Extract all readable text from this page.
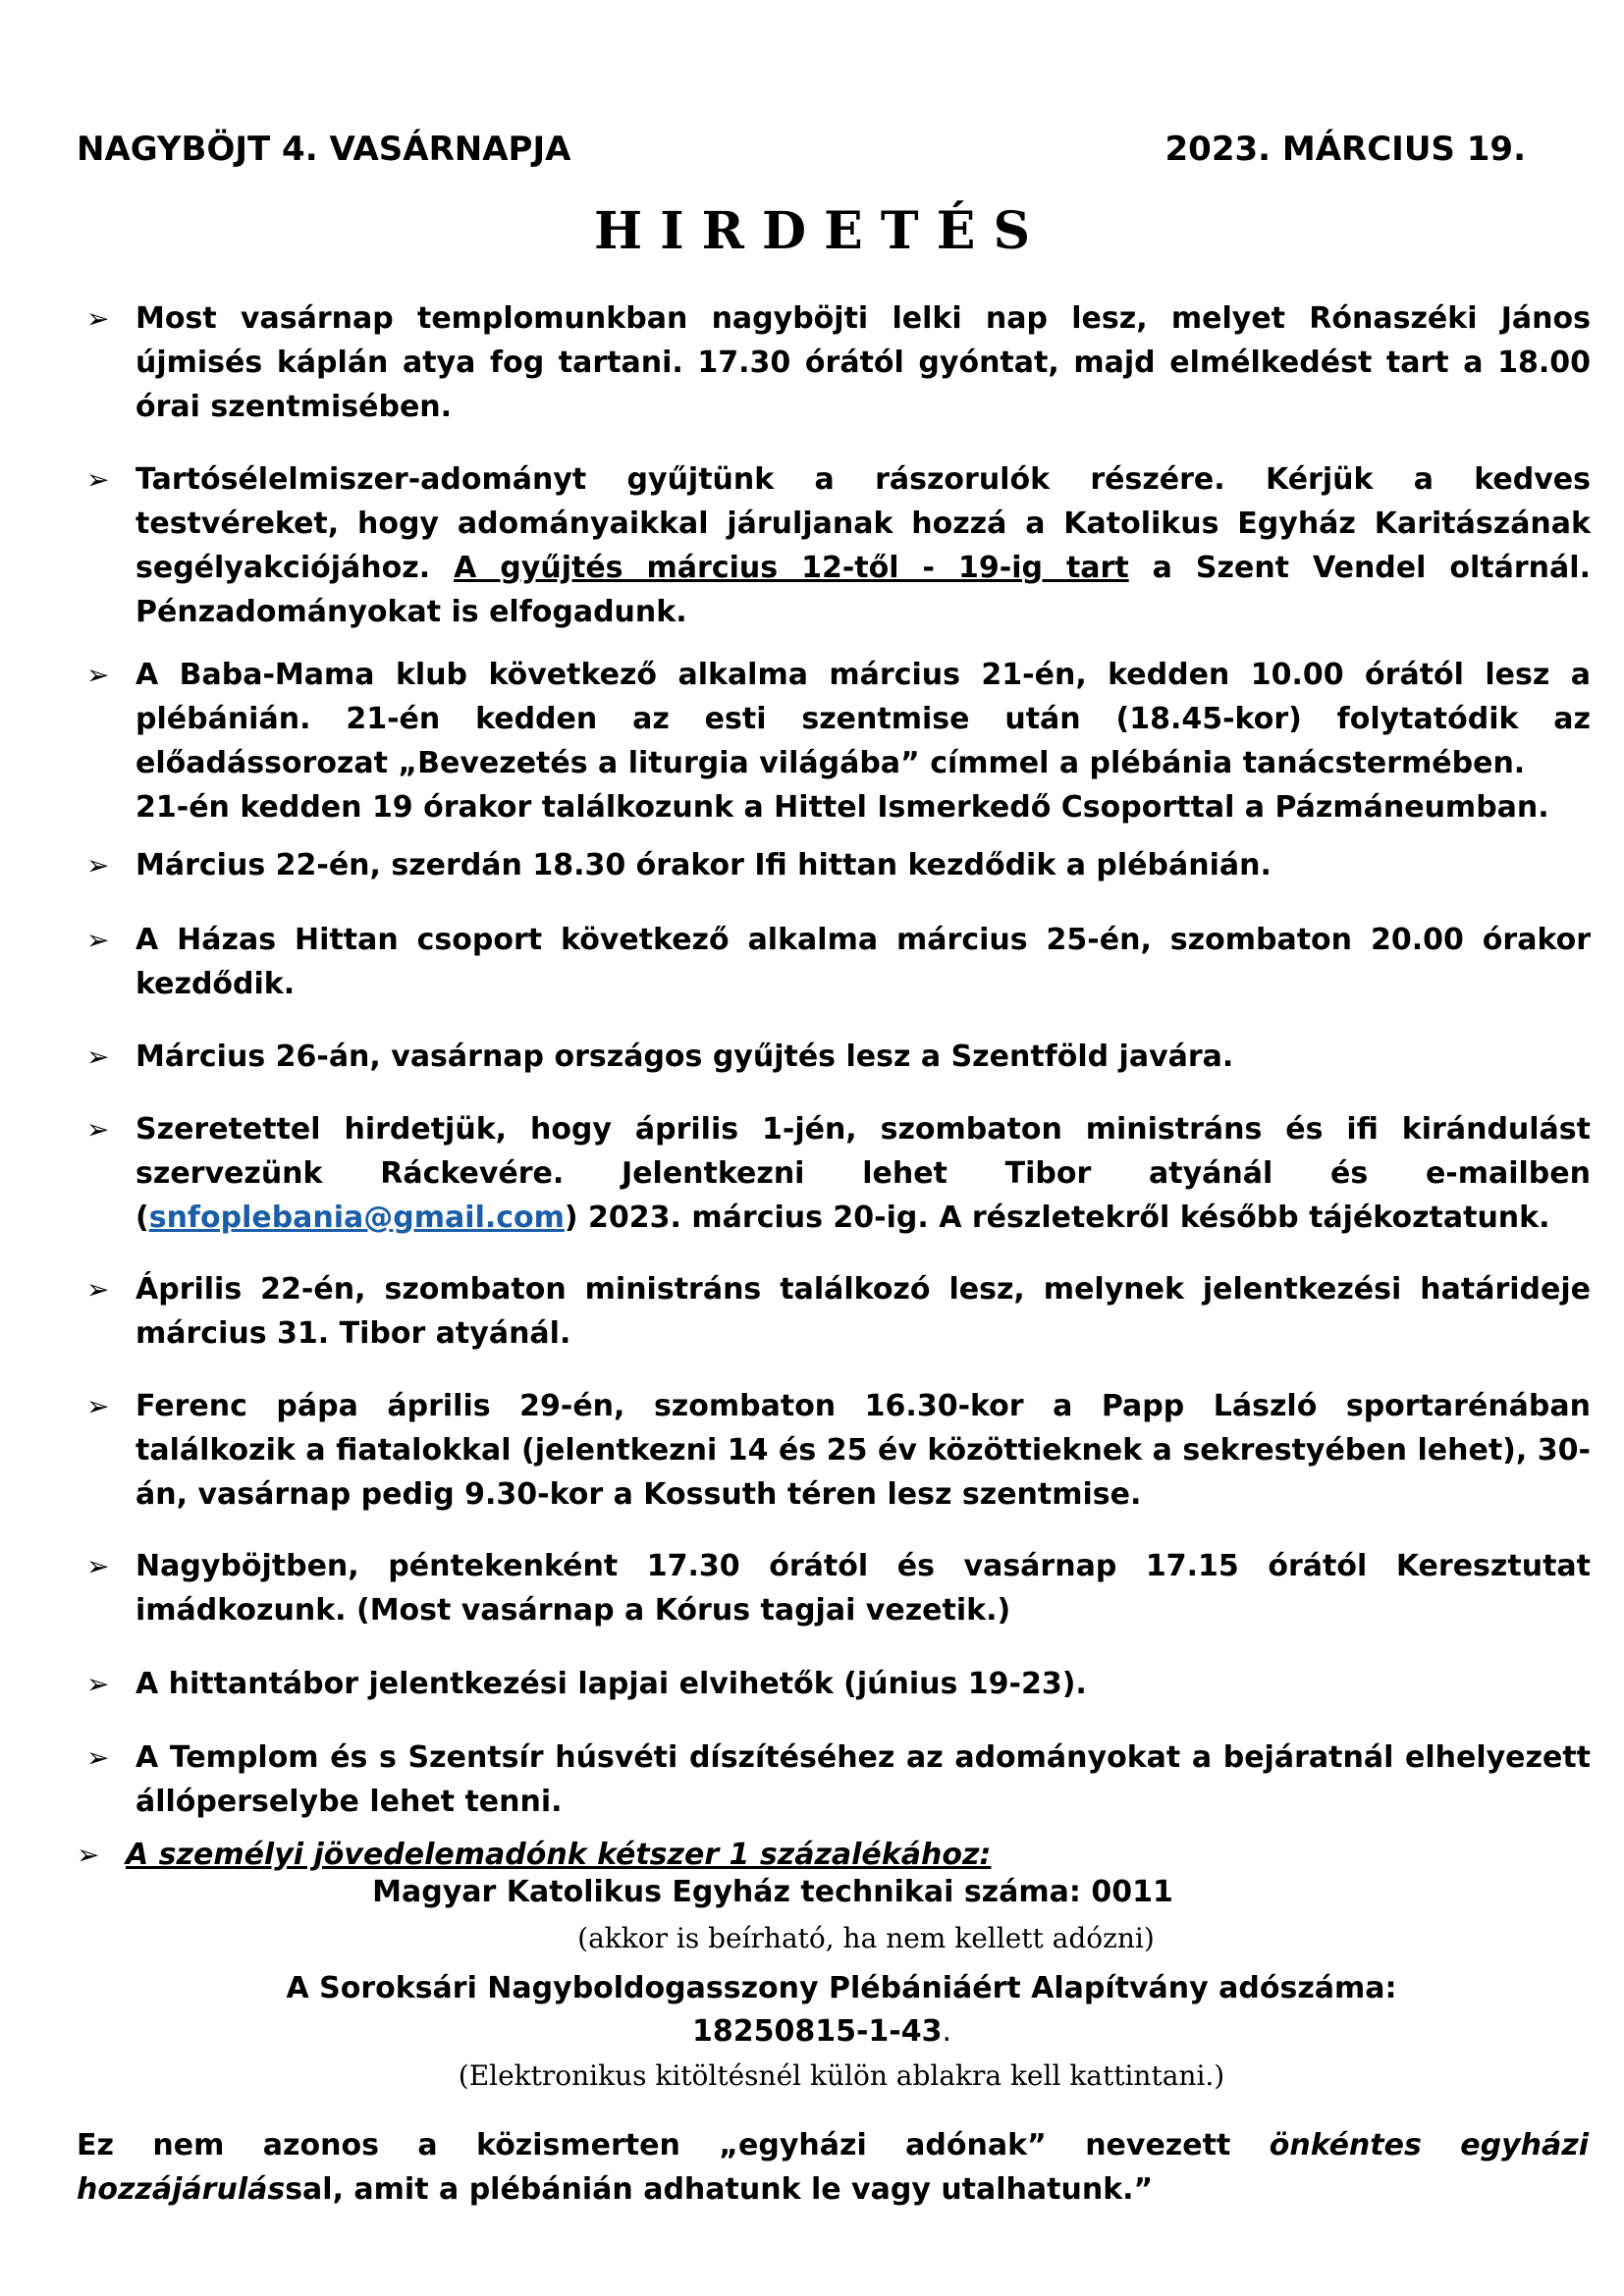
NAGYBÖJT 4. VASÁRNAPJA	2023. MÁRCIUS 19.
H I R D E T É S
➢ Most vasárnap templomunkban nagyböjti lelki nap lesz, melyet Rónaszéki János újmisés káplán atya fog tartani. 17.30 órától gyóntat, majd elmélkedést tart a 18.00 órai szentmisében.
➢ Tartósélelmiszer-adományt gyűjtünk a rászorulók részére. Kérjük a kedves testvéreket, hogy adományaikkal járuljanak hozzá a Katolikus Egyház Karitászának segélyakciójához. A gyűjtés március 12-től - 19-ig tart a Szent Vendel oltárnál. Pénzadományokat is elfogadunk.
➢ A Baba-Mama klub következő alkalma március 21-én, kedden 10.00 órától lesz a plébánián. 21-én kedden az esti szentmise után (18.45-kor) folytatódik az előadássorozat „Bevezetés a liturgia világába” címmel a plébánia tanácstermében.
21-én kedden 19 órakor találkozunk a Hittel Ismerkedő Csoporttal a Pázmáneumban.
➢ Március 22-én, szerdán 18.30 órakor Ifi hittan kezdődik a plébánián.
➢ A Házas Hittan csoport következő alkalma március 25-én, szombaton 20.00 órakor kezdődik.
➢ Március 26-án, vasárnap országos gyűjtés lesz a Szentföld javára.
➢ Szeretettel hirdetjük, hogy április 1-jén, szombaton ministráns és ifi kirándulást szervezünk Ráckevére. Jelentkezni lehet Tibor atyánál és e-mailben (snfoplebania@gmail.com) 2023. március 20-ig. A részletekről később tájékoztatunk.
➢ Április 22-én, szombaton ministráns találkozó lesz, melynek jelentkezési határideje március 31. Tibor atyánál.
➢ Ferenc pápa április 29-én, szombaton 16.30-kor a Papp László sportarénában találkozik a fiatalokkal (jelentkezni 14 és 25 év közöttieknek a sekrestyében lehet), 30-án, vasárnap pedig 9.30-kor a Kossuth téren lesz szentmise.
➢ Nagyböjtben, péntekenként 17.30 órától és vasárnap 17.15 órától Keresztutat imádkozunk. (Most vasárnap a Kórus tagjai vezetik.)
➢ A hittantábor jelentkezési lapjai elvihetők (június 19-23).
➢ A Templom és s Szentsír húsvéti díszítéséhez az adományokat a bejáratnál elhelyezett állóperselybe lehet tenni.
➢ A személyi jövedelemadónk kétszer 1 százalékához:
Magyar Katolikus Egyház technikai száma: 0011
(akkor is beírható, ha nem kellett adózni)
A Soroksári Nagyboldogasszony Plébániáért Alapítvány adószáma:
18250815-1-43.
(Elektronikus kitöltésnél külön ablakra kell kattintani.)
Ez nem azonos a közismerten „egyházi adónak” nevezett önkéntes egyházi hozzájárulással, amit a plébánián adhatunk le vagy utalhatunk.”
